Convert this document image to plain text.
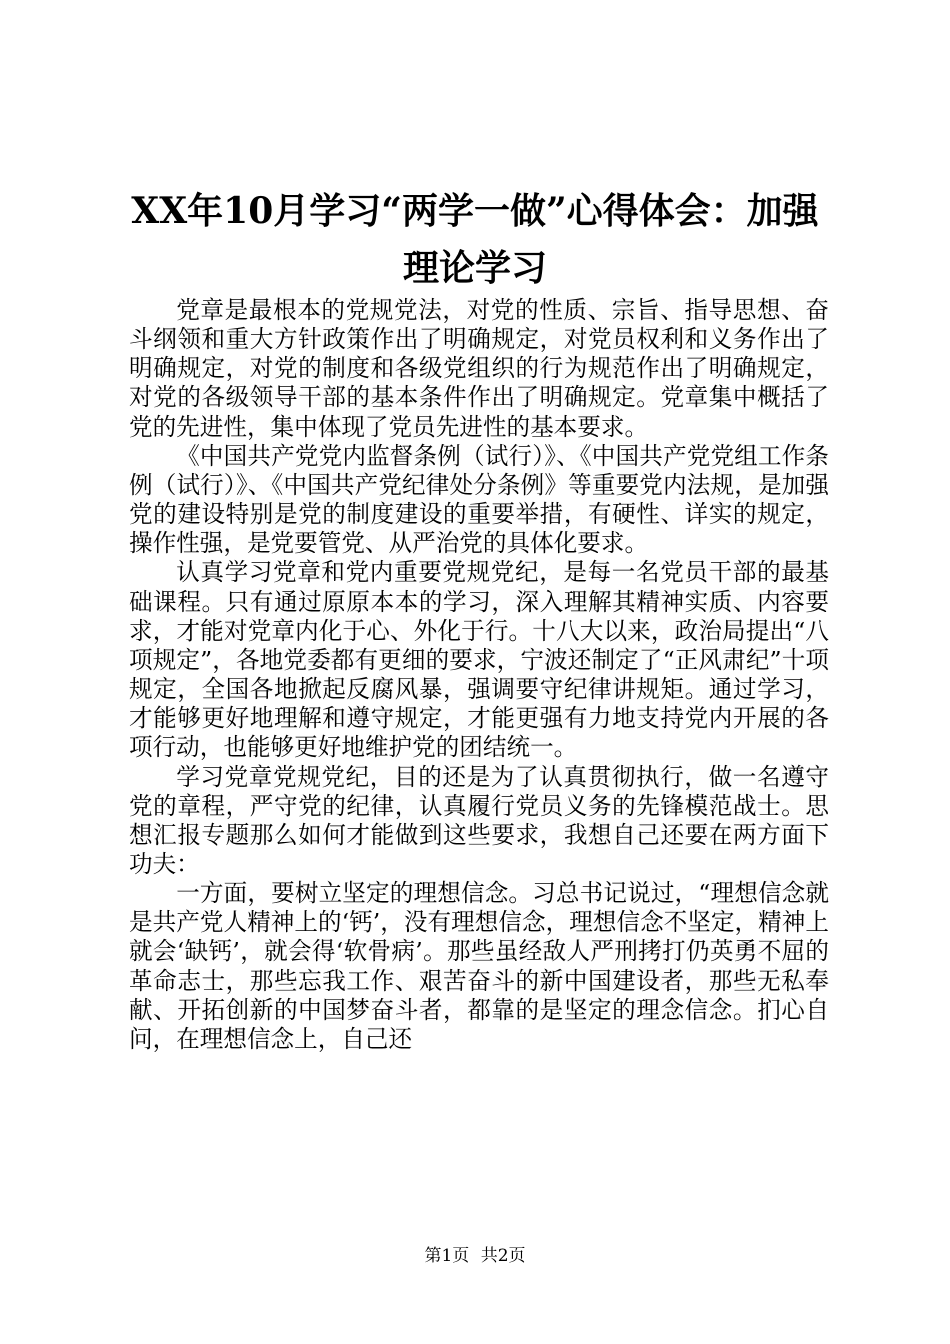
XX年10月学习“两学一做”心得体会：加强
理论学习

党章是最根本的党规党法，对党的性质、宗旨、指导思想、奋斗纲领和重大方针政策作出了明确规定，对党员权利和义务作出了明确规定，对党的制度和各级党组织的行为规范作出了明确规定，对党的各级领导干部的基本条件作出了明确规定。党章集中概括了党的先进性，集中体现了党员先进性的基本要求。

《中国共产党党内监督条例（试行）》、《中国共产党党组工作条例（试行）》、《中国共产党纪律处分条例》等重要党内法规，是加强党的建设特别是党的制度建设的重要举措，有硬性、详实的规定，操作性强，是党要管党、从严治党的具体化要求。

认真学习党章和党内重要党规党纪，是每一名党员干部的最基础课程。只有通过原原本本的学习，深入理解其精神实质、内容要求，才能对党章内化于心、外化于行。十八大以来，政治局提出“八项规定”，各地党委都有更细的要求，宁波还制定了“正风肃纪”十项规定，全国各地掀起反腐风暴，强调要守纪律讲规矩。通过学习，才能够更好地理解和遵守规定，才能更强有力地支持党内开展的各项行动，也能够更好地维护党的团结统一。

学习党章党规党纪，目的还是为了认真贯彻执行，做一名遵守党的章程，严守党的纪律，认真履行党员义务的先锋模范战士。思想汇报专题那么如何才能做到这些要求，我想自己还要在两方面下功夫：

一方面，要树立坚定的理想信念。习总书记说过，“理想信念就是共产党人精神上的‘钙’，没有理想信念，理想信念不坚定，精神上就会‘缺钙’，就会得‘软骨病’。那些虽经敌人严刑拷打仍英勇不屈的革命志士，那些忘我工作、艰苦奋斗的新中国建设者，那些无私奉献、开拓创新的中国梦奋斗者，都靠的是坚定的理念信念。扪心自问，在理想信念上，自己还

第1页 共2页
